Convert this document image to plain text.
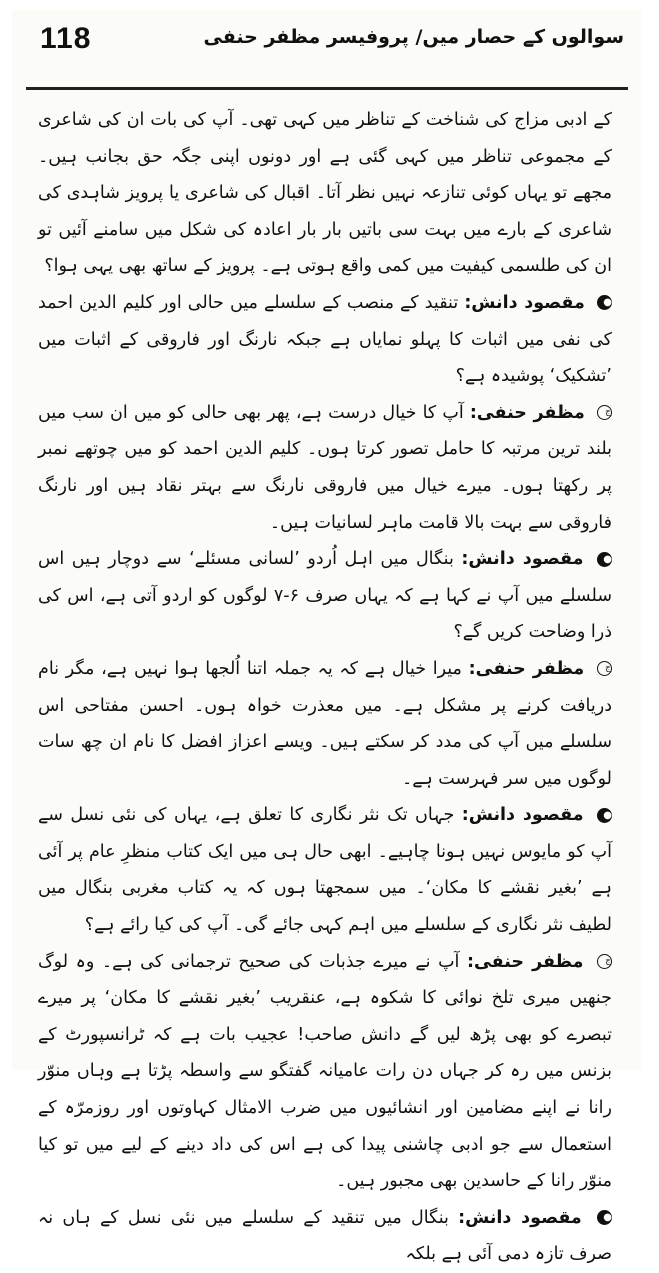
118	سوالوں کے حصار میں/ پروفیسر مظفر حنفی

کے ادبی مزاج کی شناخت کے تناظر میں کہی تھی۔ آپ کی بات ان کی شاعری کے مجموعی تناظر میں کہی گئی ہے اور دونوں اپنی جگہ حق بجانب ہیں۔ مجھے تو یہاں کوئی تنازعہ نہیں نظر آتا۔ اقبال کی شاعری یا پرویز شاہدی کی شاعری کے بارے میں بہت سی باتیں بار بار اعادہ کی شکل میں سامنے آئیں تو ان کی طلسمی کیفیت میں کمی واقع ہوتی ہے۔ پرویز کے ساتھ بھی یہی ہوا؟

● مقصود دانش: تنقید کے منصب کے سلسلے میں حالی اور کلیم الدین احمد کی نفی میں اثبات کا پہلو نمایاں ہے جبکہ نارنگ اور فاروقی کے اثبات میں ’تشکیک‘ پوشیدہ ہے؟

ج مظفر حنفی: آپ کا خیال درست ہے، پھر بھی حالی کو میں ان سب میں بلند ترین مرتبہ کا حامل تصور کرتا ہوں۔ کلیم الدین احمد کو میں چوتھے نمبر پر رکھتا ہوں۔ میرے خیال میں فاروقی نارنگ سے بہتر نقاد ہیں اور نارنگ فاروقی سے بہت بالا قامت ماہر لسانیات ہیں۔

● مقصود دانش: بنگال میں اہل اُردو ’لسانی مسئلے‘ سے دوچار ہیں اس سلسلے میں آپ نے کہا ہے کہ یہاں صرف ۶-۷ لوگوں کو اردو آتی ہے، اس کی ذرا وضاحت کریں گے؟

ج مظفر حنفی: میرا خیال ہے کہ یہ جملہ اتنا اُلجھا ہوا نہیں ہے، مگر نام دریافت کرنے پر مشکل ہے۔ میں معذرت خواہ ہوں۔ احسن مفتاحی اس سلسلے میں آپ کی مدد کر سکتے ہیں۔ ویسے اعزاز افضل کا نام ان چھ سات لوگوں میں سر فہرست ہے۔

● مقصود دانش: جہاں تک نثر نگاری کا تعلق ہے، یہاں کی نئی نسل سے آپ کو مایوس نہیں ہونا چاہیے۔ ابھی حال ہی میں ایک کتاب منظرِ عام پر آئی ہے ’بغیر نقشے کا مکان‘۔ میں سمجھتا ہوں کہ یہ کتاب مغربی بنگال میں لطیف نثر نگاری کے سلسلے میں اہم کہی جائے گی۔ آپ کی کیا رائے ہے؟

ج مظفر حنفی: آپ نے میرے جذبات کی صحیح ترجمانی کی ہے۔ وہ لوگ جنھیں میری تلخ نوائی کا شکوہ ہے، عنقریب ’بغیر نقشے کا مکان‘ پر میرے تبصرے کو بھی پڑھ لیں گے دانش صاحب! عجیب بات ہے کہ ٹرانسپورٹ کے بزنس میں رہ کر جہاں دن رات عامیانہ گفتگو سے واسطہ پڑتا ہے وہاں منوّر رانا نے اپنے مضامین اور انشائیوں میں ضرب الامثال کہاوتوں اور روزمرّہ کے استعمال سے جو ادبی چاشنی پیدا کی ہے اس کی داد دینے کے لیے میں تو کیا منوّر رانا کے حاسدین بھی مجبور ہیں۔

● مقصود دانش: بنگال میں تنقید کے سلسلے میں نئی نسل کے ہاں نہ صرف تازہ دمی آئی ہے بلکہ
